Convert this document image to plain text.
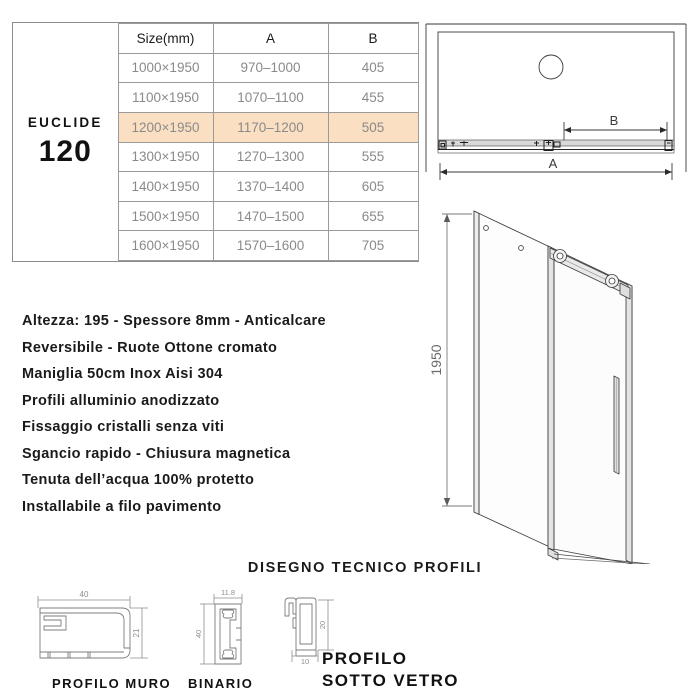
EUCLIDE
120	Size(mm)	A	B
	1000×1950	970–1000	405
	1100×1950	1070–1100	455
	1200×1950	1170–1200	505
	1300×1950	1270–1300	555
	1400×1950	1370–1400	605
	1500×1950	1470–1500	655
	1600×1950	1570–1600	705
Altezza: 195 - Spessore 8mm - Anticalcare
Reversibile - Ruote Ottone cromato
Maniglia 50cm Inox Aisi 304
Profili alluminio anodizzato
Fissaggio cristalli senza viti
Sgancio rapido - Chiusura magnetica
Tenuta dell’acqua 100% protetto
Installabile a filo pavimento
B
A
1950
DISEGNO TECNICO PROFILI
40
21
11.8
40
10
20
PROFILO MURO BINARIO
PROFILO
SOTTO VETRO
